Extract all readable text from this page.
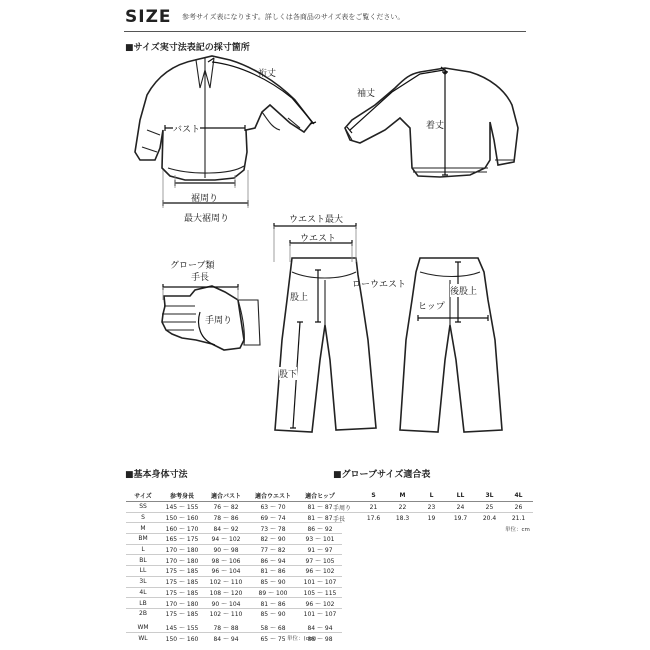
SIZE 参考サイズ表になります。詳しくは各商品のサイズ表をご覧ください。
■サイズ実寸法表記の採寸箇所
裄丈
袖丈
バスト	着丈
裾周り
最大裾周り	ウエスト最大
ウエスト
ローウエスト
グローブ類
手長
手周り
股上
後股上
ヒップ
股下
■基本身体寸法
サイズ	参考身長	適合バスト	適合ウエスト	適合ヒップ
SS	145 ～ 155	76 ～ 82	63 ～ 70	81 ～ 87
S	150 ～ 160	78 ～ 86	69 ～ 74	81 ～ 87
M	160 ～ 170	84 ～ 92	73 ～ 78	86 ～ 92
BM	165 ～ 175	94 ～ 102	82 ～ 90	93 ～ 101
L	170 ～ 180	90 ～ 98	77 ～ 82	91 ～ 97
BL	170 ～ 180	98 ～ 106	86 ～ 94	97 ～ 105
LL	175 ～ 185	96 ～ 104	81 ～ 86	96 ～ 102
3L	175 ～ 185	102 ～ 110	85 ～ 90	101 ～ 107
4L	175 ～ 185	108 ～ 120	89 ～ 100	105 ～ 115
LB	170 ～ 180	90 ～ 104	81 ～ 86	96 ～ 102
2B	175 ～ 185	102 ～ 110	85 ～ 90	101 ～ 107
WM	145 ～ 155	78 ～ 88	58 ～ 68	84 ～ 94
WL	150 ～ 160	84 ～ 94	65 ～ 75	88 ～ 98
単位：(cm)
■グローブサイズ適合表
	S	M	L	LL	3L	4L
手周り	21	22	23	24	25	26
手長	17.6	18.3	19	19.7	20.4	21.1
単位：cm
